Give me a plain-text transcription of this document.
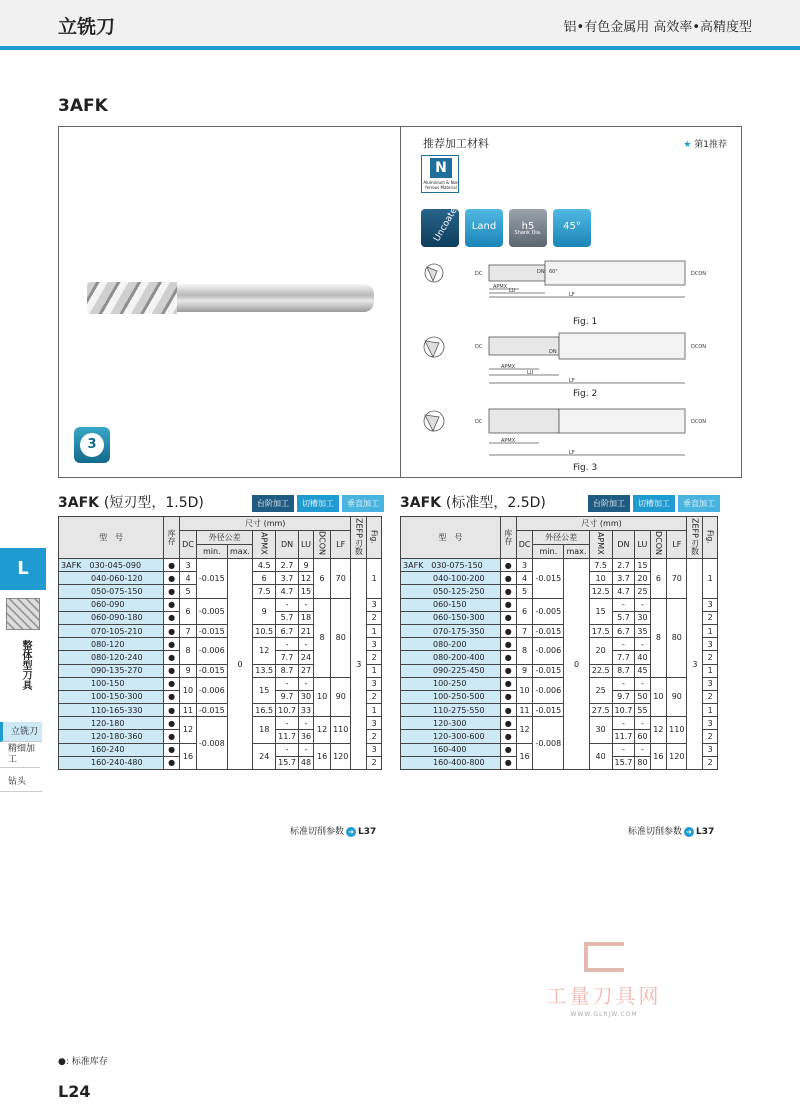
立铣刀	铝•有色金属用 高效率•高精度型
3AFK
3
推荐加工材料	★ 第1推荐
N
Aluminium & Non ferrous Material
Uncoated Land	h5
Shank Dia.
45°
DC
APMX
LU
LF
DN 60°	DCON
DC
APMX
LU
LF
DN
DCON
DC
APMX
LF
DCON
Fig. 1
Fig. 2
Fig. 3
3AFK (短刃型，1.5D)	台阶加工	切槽加工	垂直加工
型　号		库存	尺寸 (mm)								ZEFP
刃数	Fig.
			DC	外径公差		APMX	DN	LU	DCON	LF		
				min.	max.							
3AFK	030-045-090	●	3	-0.015	0	4.5	2.7	9	6	70	3	1
040-060-120		●	4			6	3.7	12				
050-075-150		●	5			7.5	4.7	15				
060-090		●	6	-0.005		9	-	-	8	80		3
060-090-180		●					5.7	18				2
070-105-210		●	7	-0.015		10.5	6.7	21				1
080-120		●	8	-0.006		12	-	-				3
080-120-240		●					7.7	24				2
090-135-270		●	9	-0.015		13.5	8.7	27				1
100-150		●	10	-0.006		15	-	-	10	90		3
100-150-300		●					9.7	30				2
110-165-330		●	11	-0.015		16.5	10.7	33				1
120-180		●	12	-0.008		18	-	-	12	110		3
120-180-360		●					11.7	36				2
160-240		●	16			24	-	-	16	120		3
160-240-480		●					15.7	48				2
标准切削参数 ➜ L37
3AFK (标准型，2.5D)	台阶加工	切槽加工	垂直加工
型　号		库存	尺寸 (mm)								ZEFP
刃数	Fig.
			DC	外径公差		APMX	DN	LU	DCON	LF		
				min.	max.							
3AFK	030-075-150	●	3	-0.015	0	7.5	2.7	15	6	70	3	1
040-100-200		●	4			10	3.7	20				
050-125-250		●	5			12.5	4.7	25				
060-150		●	6	-0.005		15	-	-	8	80		3
060-150-300		●					5.7	30				2
070-175-350		●	7	-0.015		17.5	6.7	35				1
080-200		●	8	-0.006		20	-	-				3
080-200-400		●					7.7	40				2
090-225-450		●	9	-0.015		22.5	8.7	45				1
100-250		●	10	-0.006		25	-	-	10	90		3
100-250-500		●					9.7	50				2
110-275-550		●	11	-0.015		27.5	10.7	55				1
120-300		●	12	-0.008		30	-	-	12	110		3
120-300-600		●					11.7	60				2
160-400		●	16			40	-	-	16	120		3
160-400-800		●					15.7	80				2
标准切削参数 ➜ L37
L
整体型刀具
立铣刀
精细加工
钻头
工量刀具网
WWW.GLRJW.COM
●: 标准库存
L24
